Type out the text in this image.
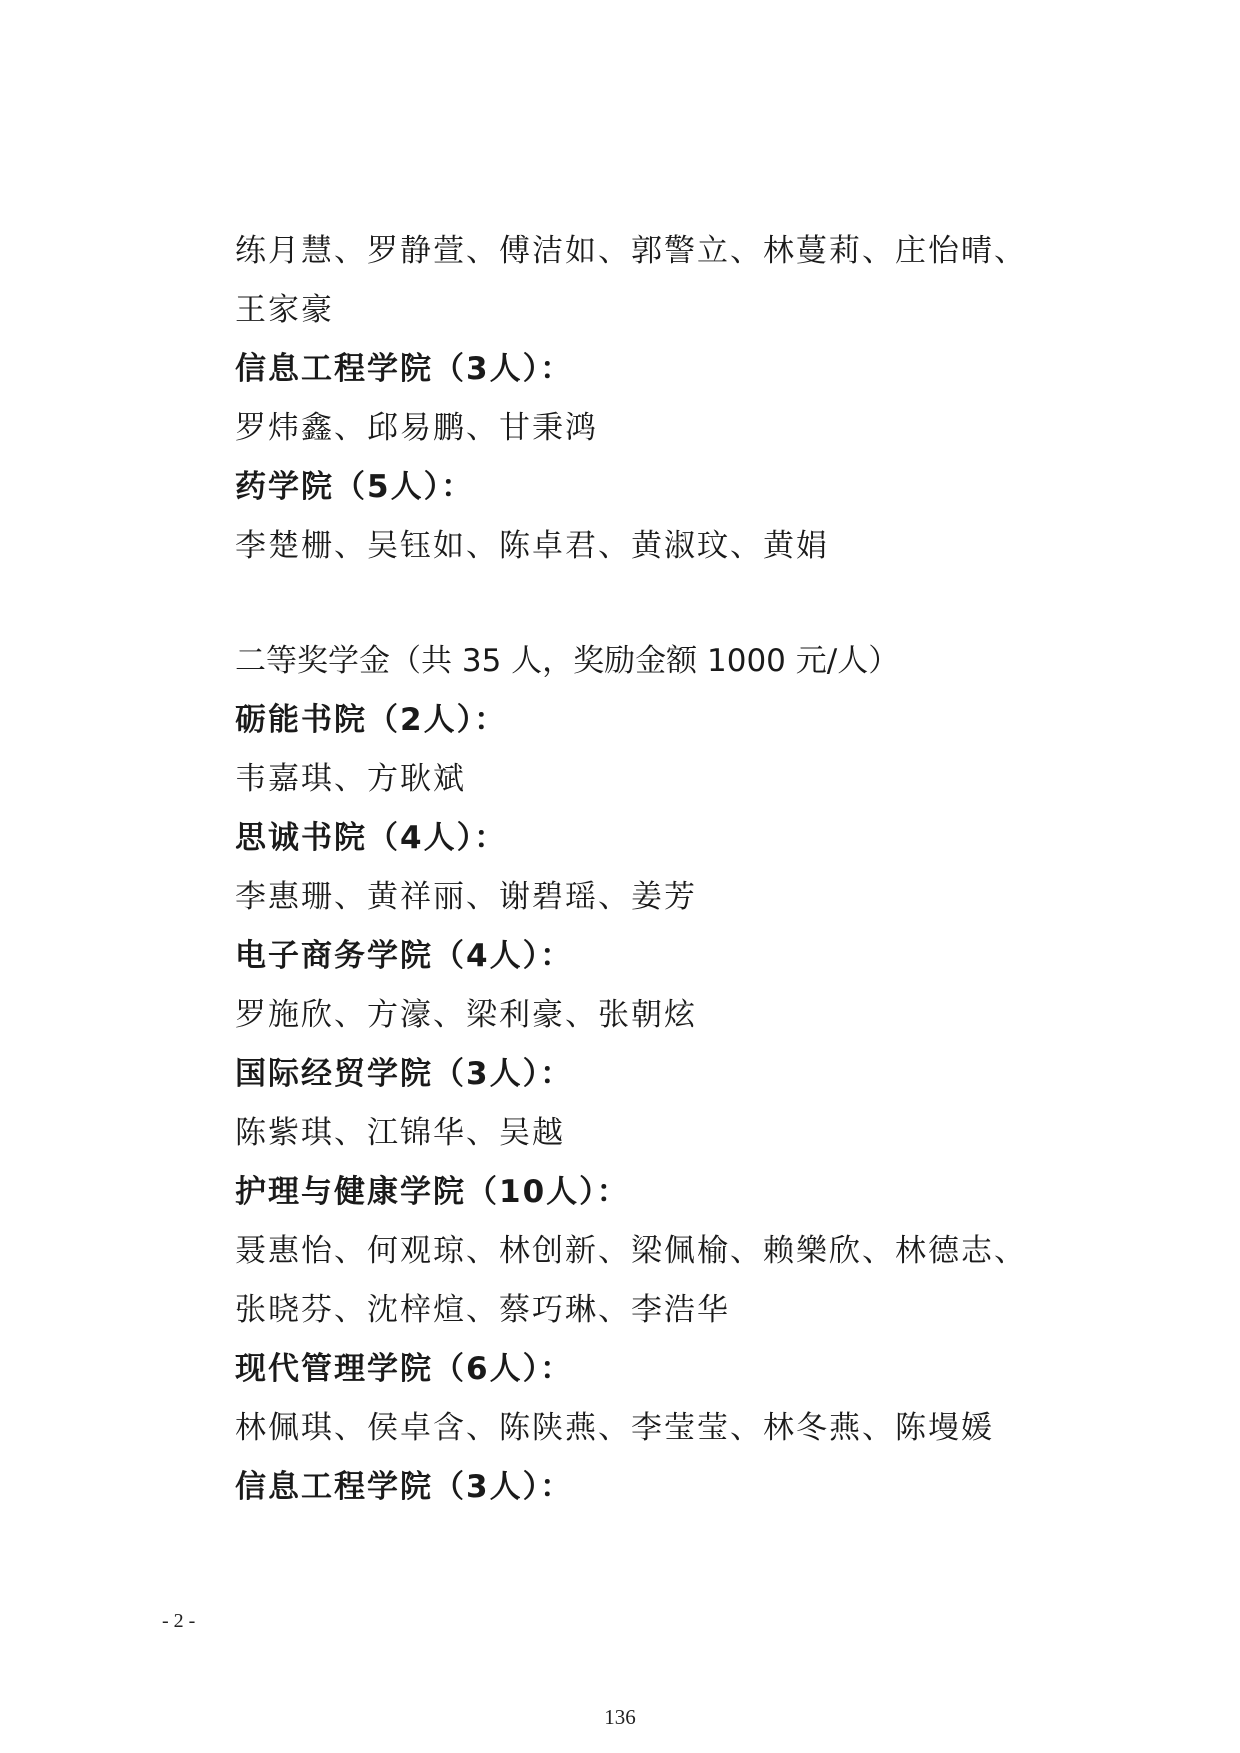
练月慧、罗静萱、傅洁如、郭警立、林蔓莉、庄怡晴、
王家豪
信息工程学院（3人）：
罗炜鑫、邱易鹏、甘秉鸿
药学院（5人）：
李楚栅、吴钰如、陈卓君、黄淑玟、黄娟
二等奖学金（共 35 人，奖励金额 1000 元/人）
砺能书院（2人）：
韦嘉琪、方耿斌
思诚书院（4人）：
李惠珊、黄祥丽、谢碧瑶、姜芳
电子商务学院（4人）：
罗施欣、方濠、梁利豪、张朝炫
国际经贸学院（3人）：
陈紫琪、江锦华、吴越
护理与健康学院（10人）：
聂惠怡、何观琼、林创新、梁佩榆、赖樂欣、林德志、
张晓芬、沈梓煊、蔡巧琳、李浩华
现代管理学院（6人）：
林佩琪、侯卓含、陈陕燕、李莹莹、林冬燕、陈墁媛
信息工程学院（3人）：
- 2 -
136
